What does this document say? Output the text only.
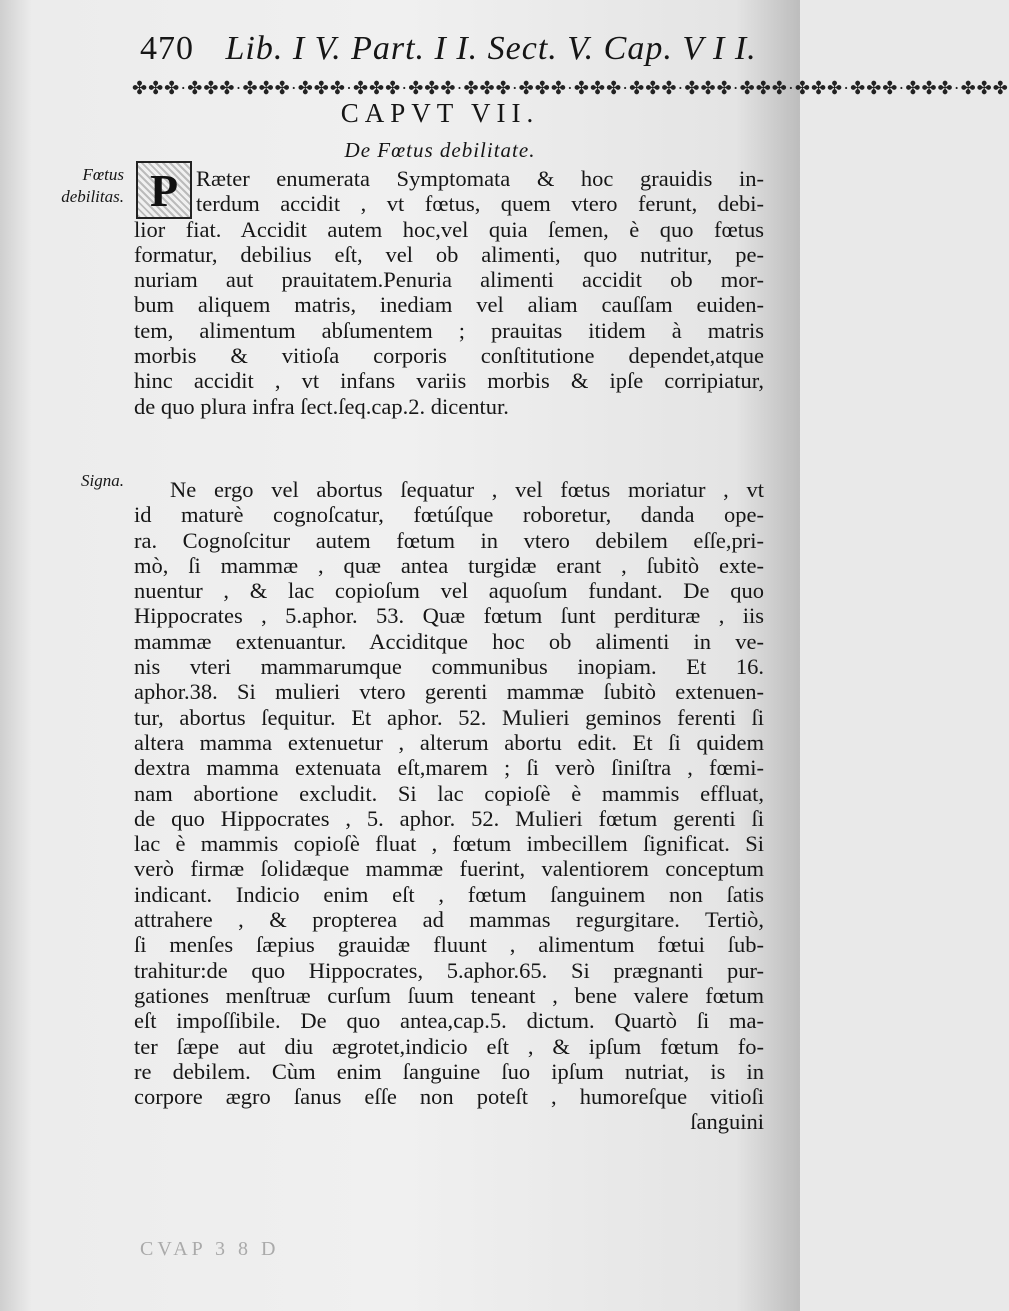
470 Lib. I V. Part. I I. Sect. V. Cap. V I I.
✤✤✤·✤✤✤·✤✤✤·✤✤✤·✤✤✤·✤✤✤·✤✤✤·✤✤✤·✤✤✤·✤✤✤·✤✤✤·✤✤✤·✤✤✤·✤✤✤·✤✤✤·✤✤✤
CAPVT VII.
De Fœtus debilitate.
Fœtus
debilitas.
Signa.
P Ræter enumerata Symptomata & hoc grauidis in-
terdum accidit , vt fœtus, quem vtero ferunt, debi-
lior fiat. Accidit autem hoc,vel quia ſemen, è quo fœtus
formatur, debilius eſt, vel ob alimenti, quo nutritur, pe-
nuriam aut prauitatem.Penuria alimenti accidit ob mor-
bum aliquem matris, inediam vel aliam cauſſam euiden-
tem, alimentum abſumentem ; prauitas itidem à matris
morbis & vitioſa corporis conſtitutione dependet,atque
hinc accidit , vt infans variis morbis & ipſe corripiatur,
de quo plura infra ſect.ſeq.cap.2. dicentur.
Ne ergo vel abortus ſequatur , vel fœtus moriatur , vt
id maturè cognoſcatur, fœtúſque roboretur, danda ope-
ra. Cognoſcitur autem fœtum in vtero debilem eſſe,pri-
mò, ſi mammæ , quæ antea turgidæ erant , ſubitò exte-
nuentur , & lac copioſum vel aquoſum fundant. De quo
Hippocrates , 5.aphor. 53. Quæ fœtum ſunt perdituræ , iis
mammæ extenuantur. Acciditque hoc ob alimenti in ve-
nis vteri mammarumque communibus inopiam. Et 16.
aphor.38. Si mulieri vtero gerenti mammæ ſubitò extenuen-
tur, abortus ſequitur. Et aphor. 52. Mulieri geminos ferenti ſi
altera mamma extenuetur , alterum abortu edit. Et ſi quidem
dextra mamma extenuata eſt,marem ; ſi verò ſiniſtra , fœmi-
nam abortione excludit. Si lac copioſè è mammis effluat,
de quo Hippocrates , 5. aphor. 52. Mulieri fœtum gerenti ſi
lac è mammis copioſè fluat , fœtum imbecillem ſignificat. Si
verò firmæ ſolidæque mammæ fuerint, valentiorem conceptum
indicant. Indicio enim eſt , fœtum ſanguinem non ſatis
attrahere , & propterea ad mammas regurgitare. Tertiò,
ſi menſes ſæpius grauidæ fluunt , alimentum fœtui ſub-
trahitur:de quo Hippocrates, 5.aphor.65. Si prægnanti pur-
gationes menſtruæ curſum ſuum teneant , bene valere fœtum
eſt impoſſibile. De quo antea,cap.5. dictum. Quartò ſi ma-
ter ſæpe aut diu ægrotet,indicio eſt , & ipſum fœtum fo-
re debilem. Cùm enim ſanguine ſuo ipſum nutriat, is in
corpore ægro ſanus eſſe non poteſt , humoreſque vitioſi
ſanguini
CVAP 3 8 D
